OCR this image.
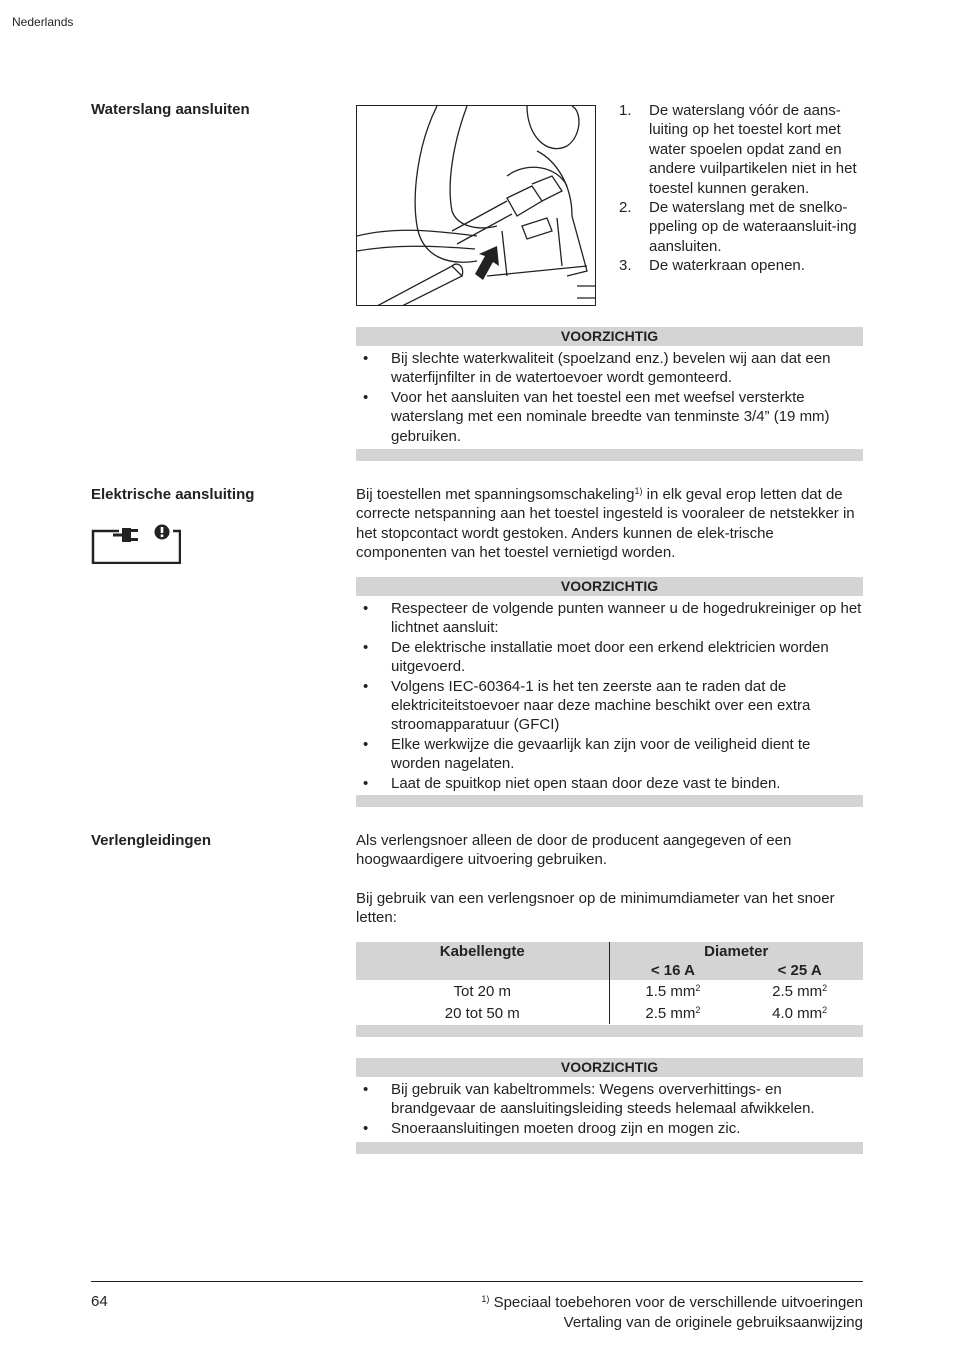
Nederlands
Waterslang aansluiten	1. De waterslang vóór de aans-luiting op het toestel kort met water spoelen opdat zand en andere vuilpartikelen niet in het toestel kunnen geraken.
2. De waterslang met de snelko-ppeling op de wateraansluit-ing aansluiten.
3. De waterkraan openen.
VOORZICHTIG
• Bij slechte waterkwaliteit (spoelzand enz.) bevelen wij aan dat een waterfijnfilter in de watertoevoer wordt gemonteerd.
• Voor het aansluiten van het toestel een met weefsel versterkte waterslang met een nominale breedte van tenminste 3/4” (19 mm) gebruiken.
Elektrische aansluiting	Bij toestellen met spanningsomschakeling$^{1)}$ in elk geval erop letten dat de correcte netspanning aan het toestel ingesteld is vooraleer de netstekker in het stopcontact wordt gestoken. Anders kunnen de elek-trische componenten van het toestel vernietigd worden.

VOORZICHTIG
• Respecteer de volgende punten wanneer u de hogedrukreiniger op het lichtnet aansluit:
• De elektrische installatie moet door een erkend elektricien worden uitgevoerd.
• Volgens IEC-60364-1 is het ten zeerste aan te raden dat de elektriciteitstoevoer naar deze machine beschikt over een extra stroomapparatuur (GFCI)
• Elke werkwijze die gevaarlijk kan zijn voor de veiligheid dient te worden nagelaten.
• Laat de spuitkop niet open staan door deze vast te binden.
Verlengleidingen	Als verlengsnoer alleen de door de producent aangegeven of een hoogwaardigere uitvoering gebruiken.

Bij gebruik van een verlengsnoer op de minimumdiameter van het snoer letten:

Kabellengte	Diameter	
	< 16 A	< 25 A
Tot 20 m	1.5 $mm^2$	2.5 $mm^2$
20 tot 50 m	2.5 $mm^2$	4.0 $mm^2$
VOORZICHTIG
• Bij gebruik van kabeltrommels: Wegens oververhittings- en brandgevaar de aansluitingsleiding steeds helemaal afwikkelen.
• Snoeraansluitingen moeten droog zijn en mogen zic.
64	$^{1)}$ Speciaal toebehoren voor de verschillende uitvoeringen
Vertaling van de originele gebruiksaanwijzing
